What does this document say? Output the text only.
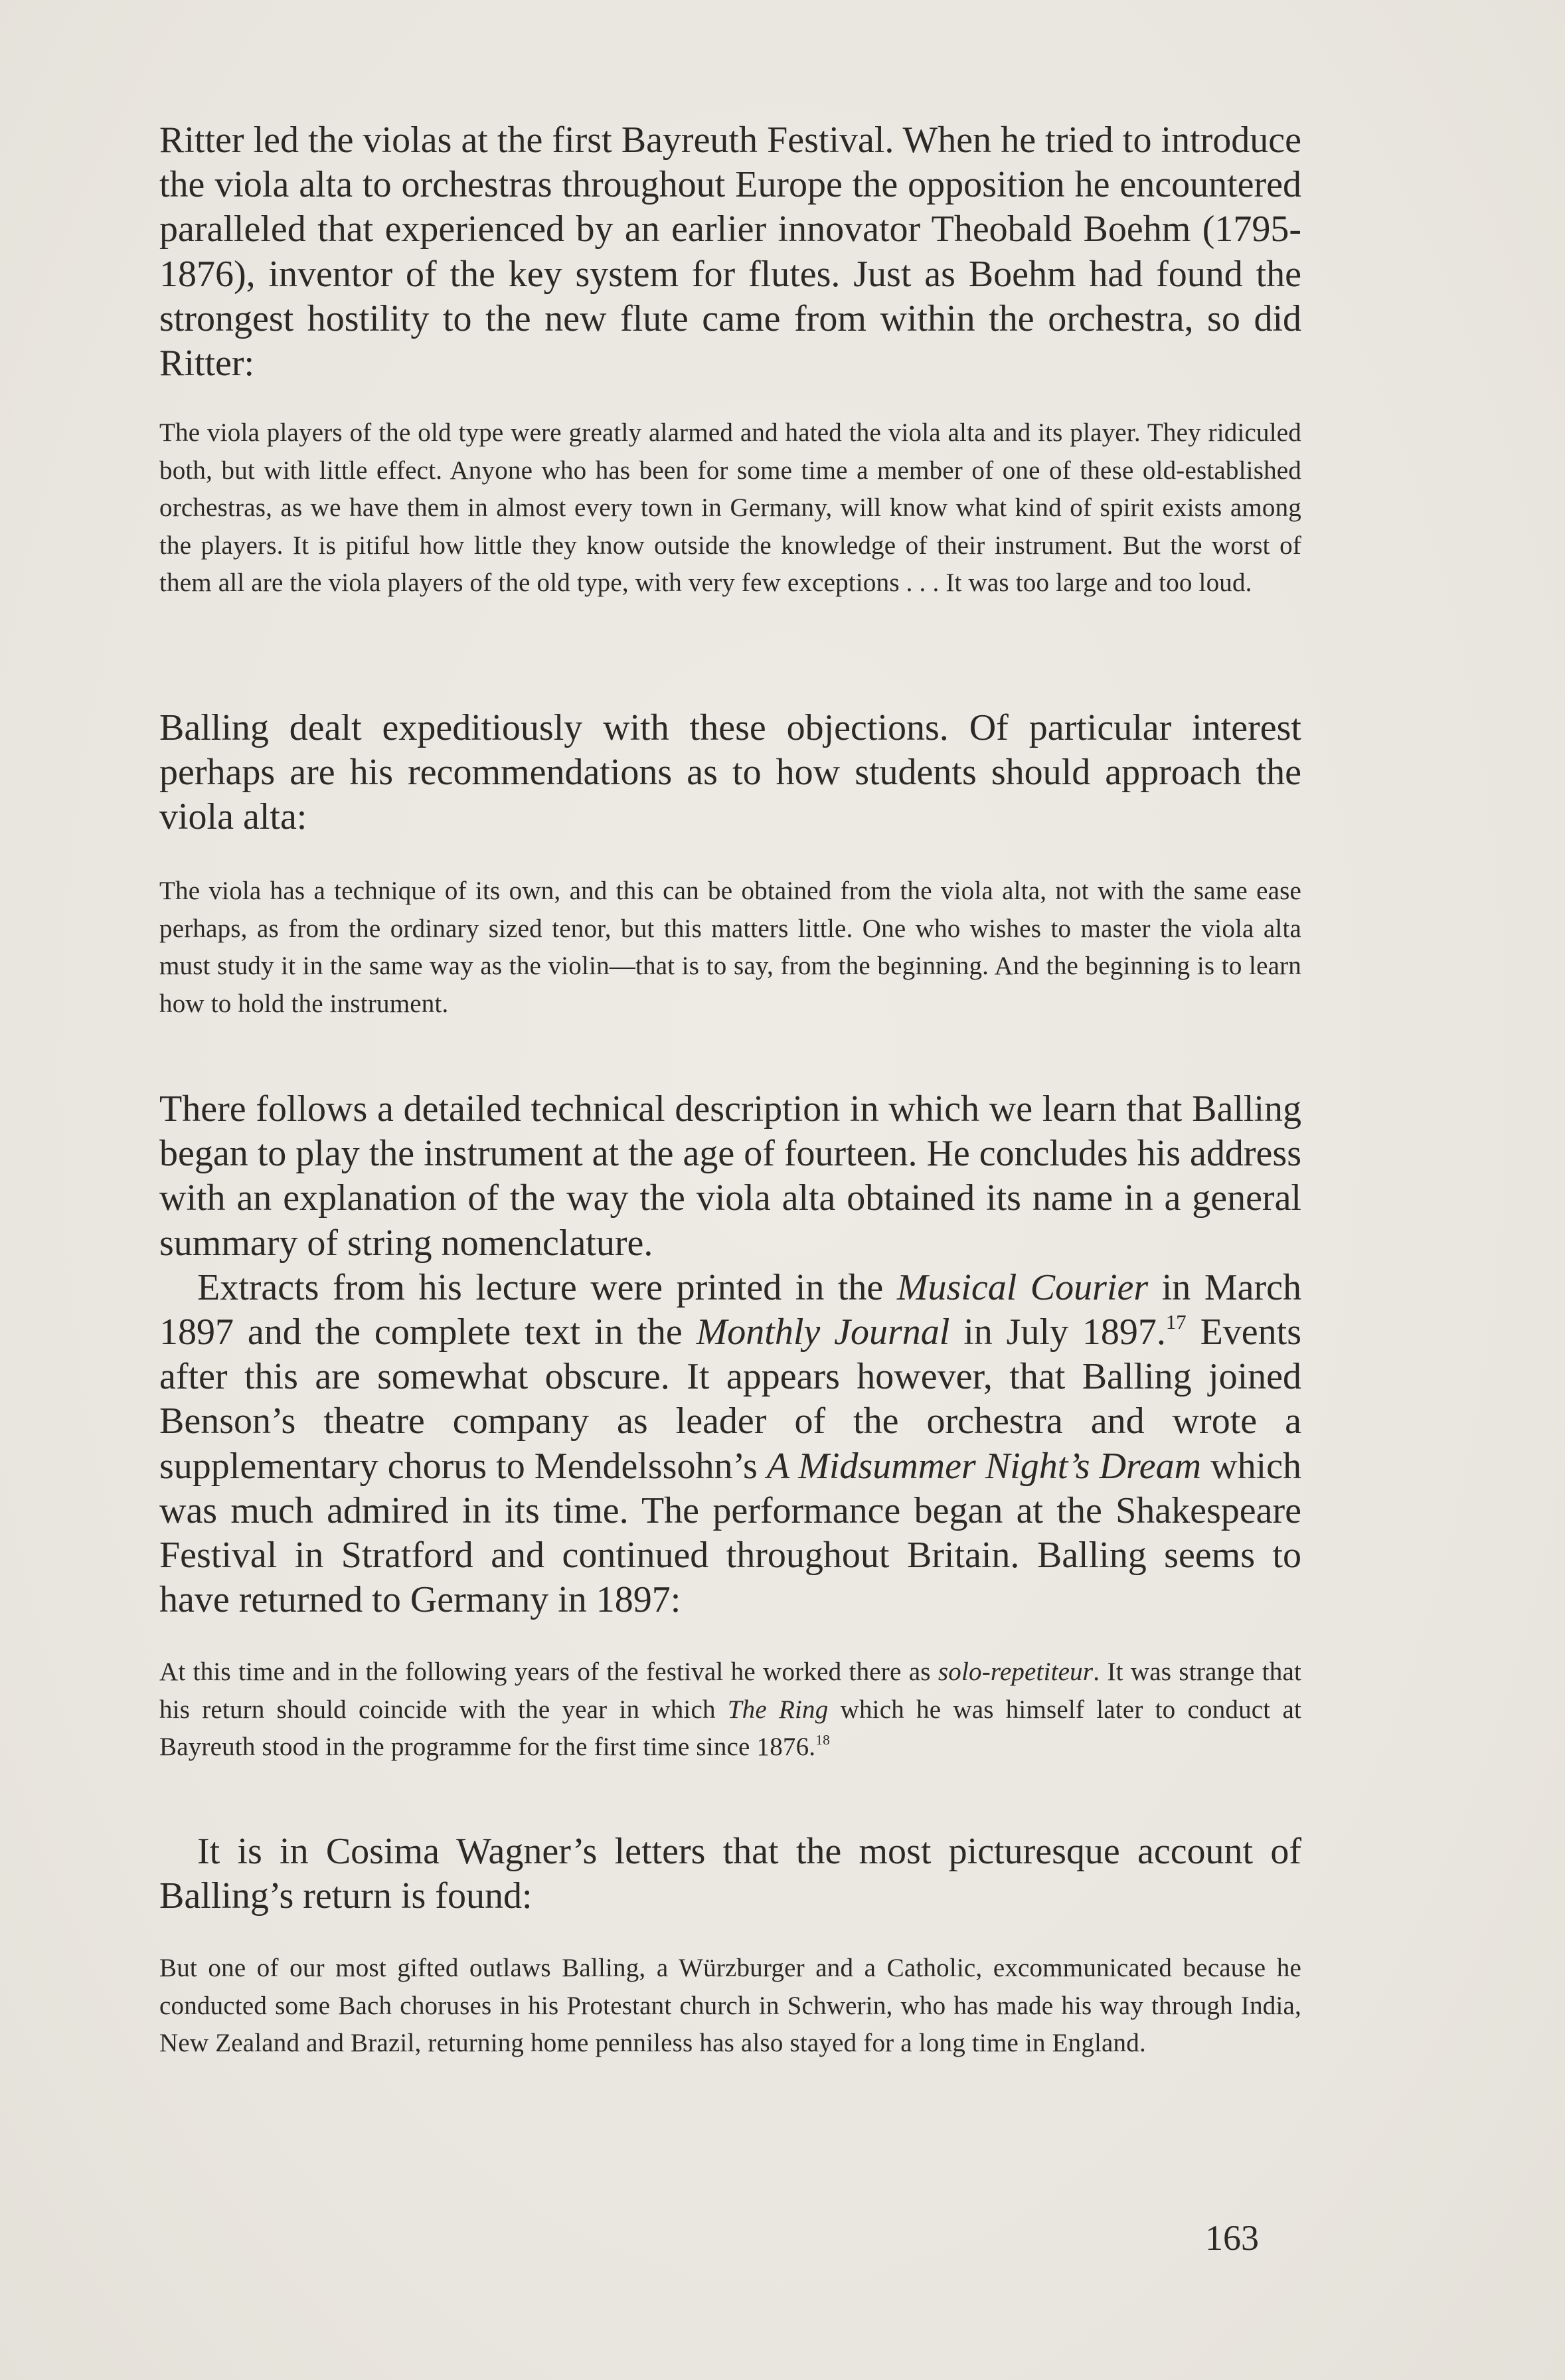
Ritter led the violas at the first Bayreuth Festival. When he tried to introduce the viola alta to orchestras throughout Europe the opposition he encountered paralleled that experienced by an earlier innovator Theobald Boehm (1795-1876), inventor of the key system for flutes. Just as Boehm had found the strongest hostility to the new flute came from within the orchestra, so did Ritter:

The viola players of the old type were greatly alarmed and hated the viola alta and its player. They ridiculed both, but with little effect. Anyone who has been for some time a member of one of these old-established orchestras, as we have them in almost every town in Germany, will know what kind of spirit exists among the players. It is pitiful how little they know outside the knowledge of their instrument. But the worst of them all are the viola players of the old type, with very few exceptions . . . It was too large and too loud.

Balling dealt expeditiously with these objections. Of particular interest perhaps are his recommendations as to how students should approach the viola alta:

The viola has a technique of its own, and this can be obtained from the viola alta, not with the same ease perhaps, as from the ordinary sized tenor, but this matters little. One who wishes to master the viola alta must study it in the same way as the violin—that is to say, from the beginning. And the beginning is to learn how to hold the instrument.

There follows a detailed technical description in which we learn that Balling began to play the instrument at the age of fourteen. He concludes his address with an explanation of the way the viola alta obtained its name in a general summary of string nomenclature.

Extracts from his lecture were printed in the Musical Courier in March 1897 and the complete text in the Monthly Journal in July 1897.17 Events after this are somewhat obscure. It appears however, that Balling joined Benson’s theatre company as leader of the orchestra and wrote a supplementary chorus to Mendelssohn’s A Midsummer Night’s Dream which was much admired in its time. The performance began at the Shakespeare Festival in Stratford and continued throughout Britain. Balling seems to have returned to Germany in 1897:

At this time and in the following years of the festival he worked there as solo-repetiteur. It was strange that his return should coincide with the year in which The Ring which he was himself later to conduct at Bayreuth stood in the programme for the first time since 1876.18

It is in Cosima Wagner’s letters that the most picturesque account of Balling’s return is found:

But one of our most gifted outlaws Balling, a Würzburger and a Catholic, excommunicated because he conducted some Bach choruses in his Protestant church in Schwerin, who has made his way through India, New Zealand and Brazil, returning home penniless has also stayed for a long time in England.

163
